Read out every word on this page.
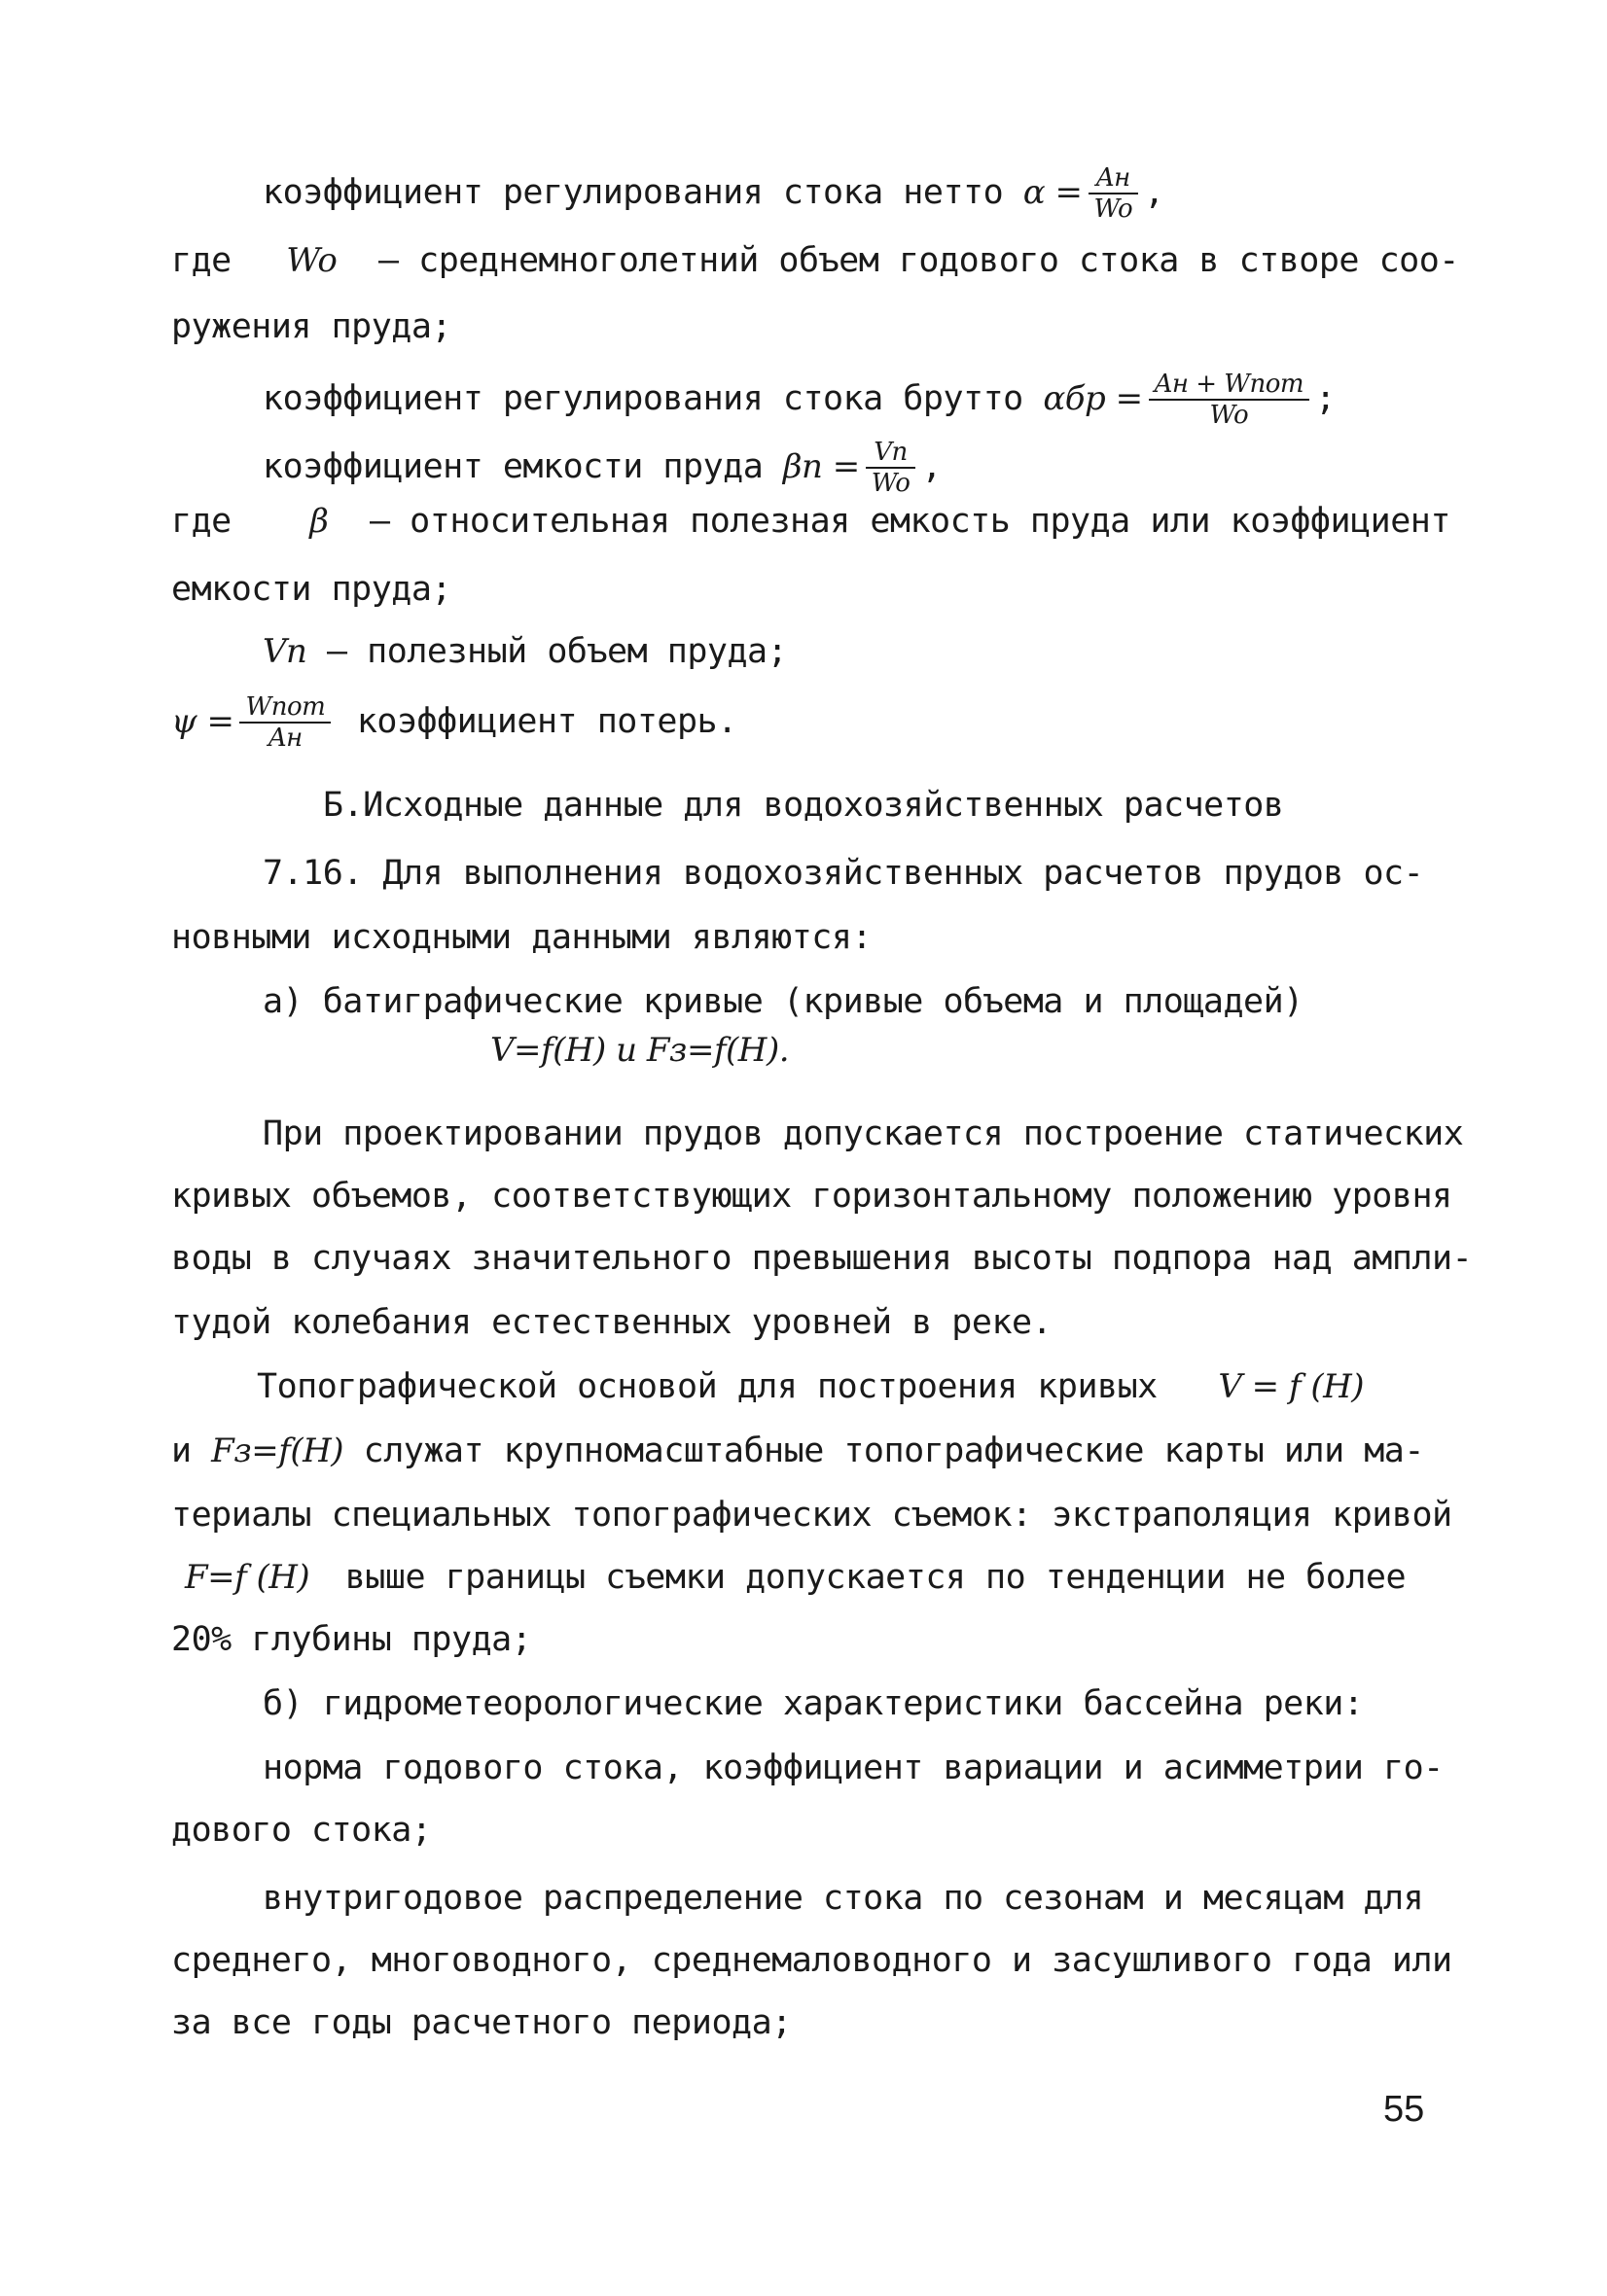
коэффициент регулирования стока нетто $\alpha = \frac{Aн}{Wo}$ ,
где Wo – среднемноголетний объем годового стока в створе соо-
ружения пруда;
коэффициент регулирования стока брутто $\alpha бр = \frac{\text{Aн + Wпот}}{Wo}$ ;
коэффициент емкости пруда $\beta п = \frac{Vп}{Wo}$ ,
где β – относительная полезная емкость пруда или коэффициент
емкости пруда;
Vп – полезный объем пруда;
$\psi = \frac{\text{Wпот}}{Aн}$ коэффициент потерь.
Б.Исходные данные для водохозяйственных расчетов
7.16. Для выполнения водохозяйственных расчетов прудов ос-
новными исходными данными являются:
а) батиграфические кривые (кривые объема и площадей)
V=f(H) и Fз=f(H).
При проектировании прудов допускается построение статических
кривых объемов, соответствующих горизонтальному положению уровня
воды в случаях значительного превышения высоты подпора над ампли-
тудой колебания естественных уровней в реке.
Топографической основой для построения кривых V = f (H)
и Fз=f(H) служат крупномасштабные топографические карты или ма-
териалы специальных топографических съемок: экстраполяция кривой
F=f (H) выше границы съемки допускается по тенденции не более
20% глубины пруда;
б) гидрометеорологические характеристики бассейна реки:
норма годового стока, коэффициент вариации и асимметрии го-
дового стока;
внутригодовое распределение стока по сезонам и месяцам для
среднего, многоводного, среднемаловодного и засушливого года или
за все годы расчетного периода;
55
